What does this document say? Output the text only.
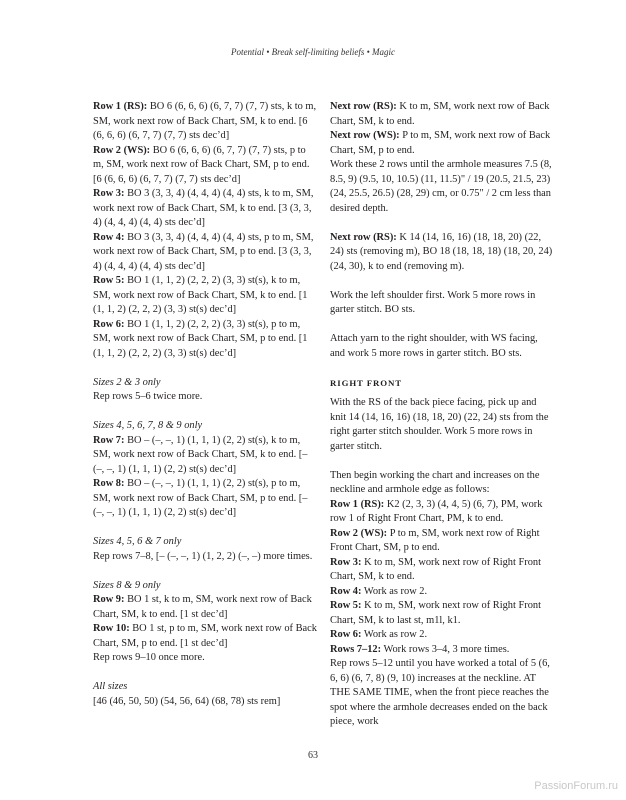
Potential • Break self-limiting beliefs • Magic

Row 1 (RS): BO 6 (6, 6, 6) (6, 7, 7) (7, 7) sts, k to m, SM, work next row of Back Chart, SM, k to end. [6 (6, 6, 6) (6, 7, 7) (7, 7) sts dec’d]

Row 2 (WS): BO 6 (6, 6, 6) (6, 7, 7) (7, 7) sts, p to m, SM, work next row of Back Chart, SM, p to end. [6 (6, 6, 6) (6, 7, 7) (7, 7) sts dec’d]

Row 3: BO 3 (3, 3, 4) (4, 4, 4) (4, 4) sts, k to m, SM, work next row of Back Chart, SM, k to end. [3 (3, 3, 4) (4, 4, 4) (4, 4) sts dec’d]

Row 4: BO 3 (3, 3, 4) (4, 4, 4) (4, 4) sts, p to m, SM, work next row of Back Chart, SM, p to end. [3 (3, 3, 4) (4, 4, 4) (4, 4) sts dec’d]

Row 5: BO 1 (1, 1, 2) (2, 2, 2) (3, 3) st(s), k to m, SM, work next row of Back Chart, SM, k to end. [1 (1, 1, 2) (2, 2, 2) (3, 3) st(s) dec’d]

Row 6: BO 1 (1, 1, 2) (2, 2, 2) (3, 3) st(s), p to m, SM, work next row of Back Chart, SM, p to end. [1 (1, 1, 2) (2, 2, 2) (3, 3) st(s) dec’d]

Sizes 2 & 3 only

Rep rows 5–6 twice more.

Sizes 4, 5, 6, 7, 8 & 9 only

Row 7: BO – (–, –, 1) (1, 1, 1) (2, 2) st(s), k to m, SM, work next row of Back Chart, SM, k to end. [– (–, –, 1) (1, 1, 1) (2, 2) st(s) dec’d]

Row 8: BO – (–, –, 1) (1, 1, 1) (2, 2) st(s), p to m, SM, work next row of Back Chart, SM, p to end. [– (–, –, 1) (1, 1, 1) (2, 2) st(s) dec’d]

Sizes 4, 5, 6 & 7 only

Rep rows 7–8, [– (–, –, 1) (1, 2, 2) (–, –) more times.

Sizes 8 & 9 only

Row 9: BO 1 st, k to m, SM, work next row of Back Chart, SM, k to end. [1 st dec’d]

Row 10: BO 1 st, p to m, SM, work next row of Back Chart, SM, p to end. [1 st dec’d]

Rep rows 9–10 once more.

All sizes

[46 (46, 50, 50) (54, 56, 64) (68, 78) sts rem]

Next row (RS): K to m, SM, work next row of Back Chart, SM, k to end.

Next row (WS): P to m, SM, work next row of Back Chart, SM, p to end.

Work these 2 rows until the armhole measures 7.5 (8, 8.5, 9) (9.5, 10, 10.5) (11, 11.5)" / 19 (20.5, 21.5, 23) (24, 25.5, 26.5) (28, 29) cm, or 0.75" / 2 cm less than desired depth.

Next row (RS): K 14 (14, 16, 16) (18, 18, 20) (22, 24) sts (removing m), BO 18 (18, 18, 18) (18, 20, 24) (24, 30), k to end (removing m).

Work the left shoulder first. Work 5 more rows in garter stitch. BO sts.

Attach yarn to the right shoulder, with WS facing, and work 5 more rows in garter stitch. BO sts.

RIGHT FRONT

With the RS of the back piece facing, pick up and knit 14 (14, 16, 16) (18, 18, 20) (22, 24) sts from the right garter stitch shoulder. Work 5 more rows in garter stitch.

Then begin working the chart and increases on the neckline and armhole edge as follows:

Row 1 (RS): K2 (2, 3, 3) (4, 4, 5) (6, 7), PM, work row 1 of Right Front Chart, PM, k to end.

Row 2 (WS): P to m, SM, work next row of Right Front Chart, SM, p to end.

Row 3: K to m, SM, work next row of Right Front Chart, SM, k to end.

Row 4: Work as row 2.

Row 5: K to m, SM, work next row of Right Front Chart, SM, k to last st, m1l, k1.

Row 6: Work as row 2.

Rows 7–12: Work rows 3–4, 3 more times.

Rep rows 5–12 until you have worked a total of 5 (6, 6, 6) (6, 7, 8) (9, 10) increases at the neckline. AT THE SAME TIME, when the front piece reaches the spot where the armhole decreases ended on the back piece, work

63
PassionForum.ru
